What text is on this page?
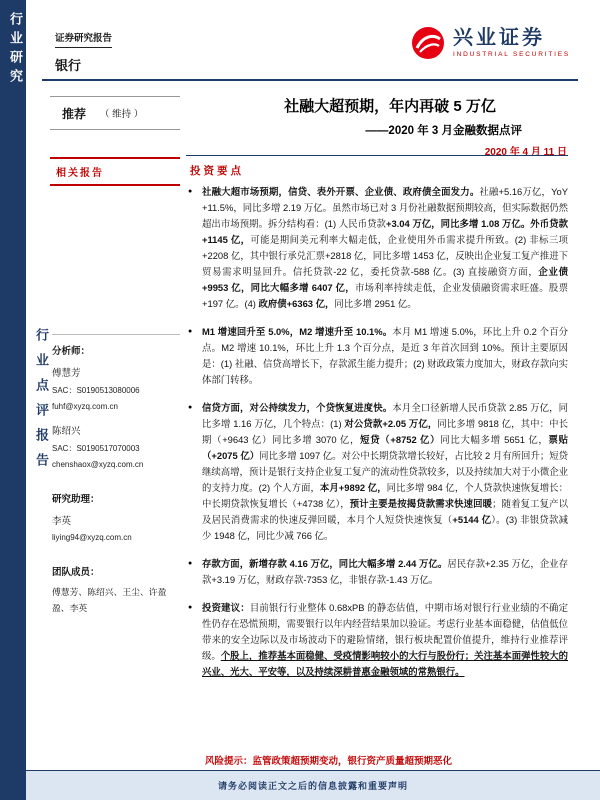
行业研究
行业点评报告
证券研究报告
银行
兴业证券
INDUSTRIAL SECURITIES
推荐 （ 维持 ）	社融大超预期，年内再破 5 万亿
——2020 年 3 月金融数据点评
2020 年 4 月 11 日
相关报告
分析师：
傅慧芳
SAC：S0190513080006
fuhf@xyzq.com.cn
陈绍兴
SAC：S0190517070003
chenshaox@xyzq.com.cn
研究助理：
李英
liying94@xyzq.com.cn
团队成员：
傅慧芳、陈绍兴、王尘、许盈盈、李英
投资要点
●	社融大超市场预期，信贷、表外开票、企业债、政府债全面发力。社融+5.16万亿，YoY +11.5%，同比多增 2.19 万亿。虽然市场已对 3 月份社融数据预期较高，但实际数据仍然超出市场预期。拆分结构看：(1) 人民币贷款+3.04 万亿，同比多增 1.08 万亿。外币贷款+1145 亿，可能是期间美元利率大幅走低，企业使用外币需求提升所致。(2) 非标三项+2208 亿，其中银行承兑汇票+2818 亿，同比多增 1453 亿，反映出企业复工复产推进下贸易需求明显回升。信托贷款-22 亿，委托贷款-588 亿。(3) 直接融资方面，企业债+9953 亿，同比大幅多增 6407 亿，市场利率持续走低，企业发债融资需求旺盛。股票+197 亿。(4) 政府债+6363 亿，同比多增 2951 亿。
●	M1 增速回升至 5.0%，M2 增速升至 10.1%。本月 M1 增速 5.0%，环比上升 0.2 个百分点。M2 增速 10.1%，环比上升 1.3 个百分点，是近 3 年首次回到 10%。预计主要原因是：(1) 社融、信贷高增长下，存款派生能力提升；(2) 财政政策力度加大，财政存款向实体部门转移。
●	信贷方面，对公持续发力，个贷恢复进度快。本月全口径新增人民币贷款 2.85 万亿，同比多增 1.16 万亿，几个特点：(1) 对公贷款+2.05 万亿，同比多增 9818 亿，其中：中长期（+9643 亿）同比多增 3070 亿，短贷（+8752 亿）同比大幅多增 5651 亿，票贴（+2075 亿）同比多增 1097 亿。对公中长期贷款增长较好，占比较 2 月有所回升；短贷继续高增，预计是银行支持企业复工复产的流动性贷款较多，以及持续加大对于小微企业的支持力度。(2) 个人方面，本月+9892 亿，同比多增 984 亿，个人贷款快速恢复增长：中长期贷款恢复增长（+4738 亿），预计主要是按揭贷款需求快速回暖；随着复工复产以及居民消费需求的快速反弹回暖，本月个人短贷快速恢复（+5144 亿）。(3) 非银贷款减少 1948 亿，同比少减 766 亿。
●	存款方面，新增存款 4.16 万亿，同比大幅多增 2.44 万亿。居民存款+2.35 万亿，企业存款+3.19 万亿，财政存款-7353 亿，非银存款-1.43 万亿。
●	投资建议：目前银行行业整体 0.68xPB 的静态估值，中期市场对银行行业业绩的不确定性仍存在恐慌预期，需要银行以年内经营结果加以验证。考虑行业基本面稳健，估值低位带来的安全边际以及市场波动下的避险情绪，银行板块配置价值提升，维持行业推荐评级。个股上，推荐基本面稳健、受疫情影响较小的大行与股份行；关注基本面弹性较大的兴业、光大、平安等，以及持续深耕普惠金融领域的常熟银行。
风险提示：监管政策超预期变动，银行资产质量超预期恶化
请务必阅读正文之后的信息披露和重要声明
